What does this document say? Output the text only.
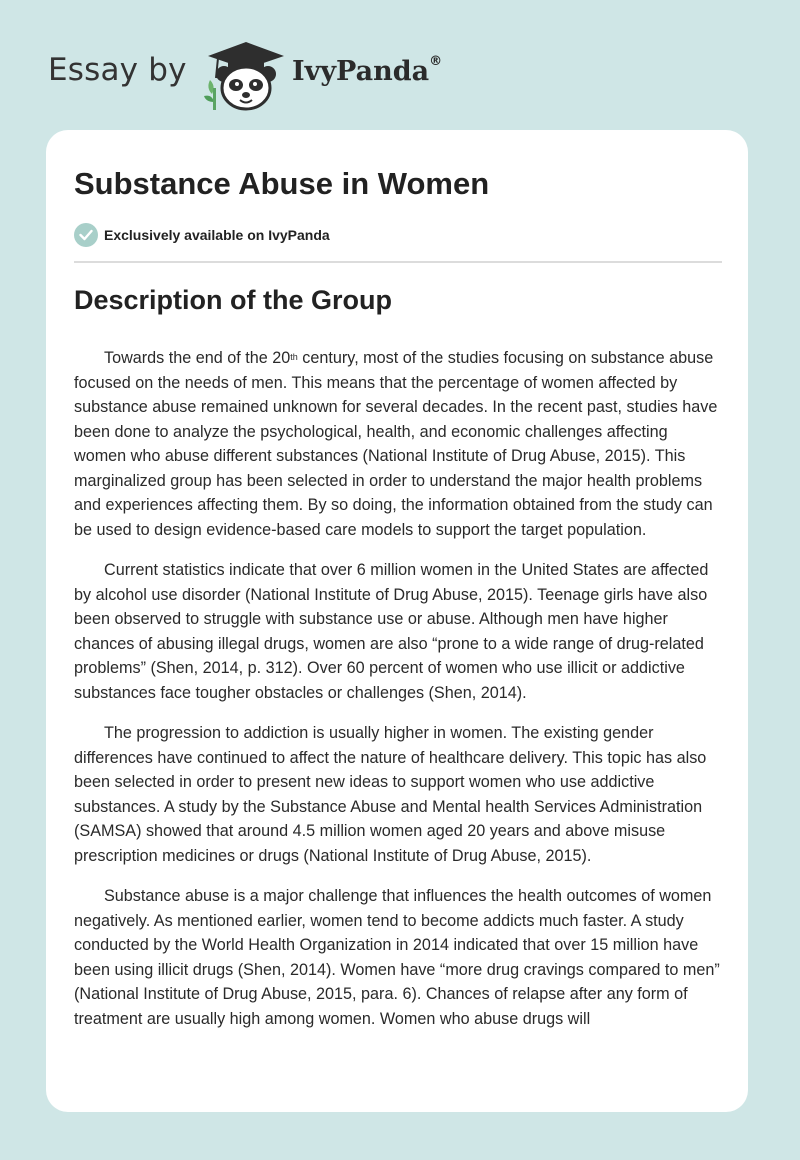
Essay by	IvyPanda®
Substance Abuse in Women
Exclusively available on IvyPanda
Description of the Group

Towards the end of the 20th century, most of the studies focusing on substance abuse focused on the needs of men. This means that the percentage of women affected by substance abuse remained unknown for several decades. In the recent past, studies have been done to analyze the psychological, health, and economic challenges affecting women who abuse different substances (National Institute of Drug Abuse, 2015). This marginalized group has been selected in order to understand the major health problems and experiences affecting them. By so doing, the information obtained from the study can be used to design evidence-based care models to support the target population.

Current statistics indicate that over 6 million women in the United States are affected by alcohol use disorder (National Institute of Drug Abuse, 2015). Teenage girls have also been observed to struggle with substance use or abuse. Although men have higher chances of abusing illegal drugs, women are also “prone to a wide range of drug-related problems” (Shen, 2014, p. 312). Over 60 percent of women who use illicit or addictive substances face tougher obstacles or challenges (Shen, 2014).

The progression to addiction is usually higher in women. The existing gender differences have continued to affect the nature of healthcare delivery. This topic has also been selected in order to present new ideas to support women who use addictive substances. A study by the Substance Abuse and Mental health Services Administration (SAMSA) showed that around 4.5 million women aged 20 years and above misuse prescription medicines or drugs (National Institute of Drug Abuse, 2015).

Substance abuse is a major challenge that influences the health outcomes of women negatively. As mentioned earlier, women tend to become addicts much faster. A study conducted by the World Health Organization in 2014 indicated that over 15 million have been using illicit drugs (Shen, 2014). Women have “more drug cravings compared to men” (National Institute of Drug Abuse, 2015, para. 6). Chances of relapse after any form of treatment are usually high among women. Women who abuse drugs will
